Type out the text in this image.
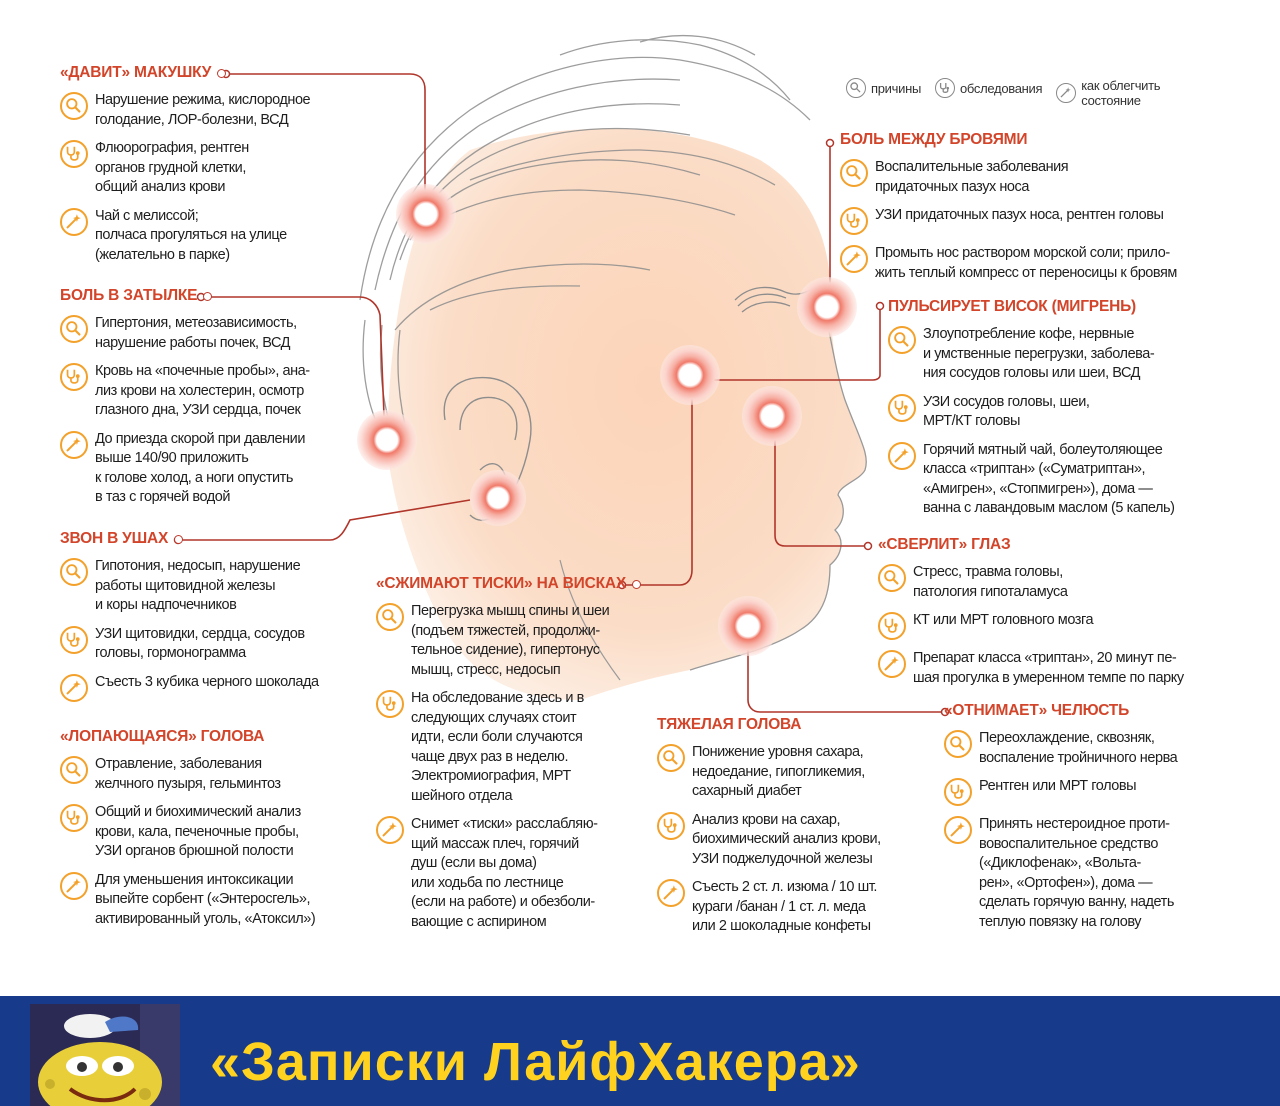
причины	обследования	как облегчить
состояние
«ДАВИТ» МАКУШКУ
Нарушение режима, кислородное
голодание, ЛОР-болезни, ВСД
Флюорография, рентген
органов грудной клетки,
общий анализ крови
Чай с мелиссой;
полчаса прогуляться на улице
(желательно в парке)
БОЛЬ В ЗАТЫЛКЕ
Гипертония, метеозависимость,
нарушение работы почек, ВСД
Кровь на «почечные пробы», ана-
лиз крови на холестерин, осмотр
глазного дна, УЗИ сердца, почек
До приезда скорой при давлении
выше 140/90 приложить
к голове холод, а ноги опустить
в таз с горячей водой
ЗВОН В УШАХ
Гипотония, недосып, нарушение
работы щитовидной железы
и коры надпочечников
УЗИ щитовидки, сердца, сосудов
головы, гормонограмма
Съесть 3 кубика черного шоколада
«ЛОПАЮЩАЯСЯ» ГОЛОВА
Отравление, заболевания
желчного пузыря, гельминтоз
Общий и биохимический анализ
крови, кала, печеночные пробы,
УЗИ органов брюшной полости
Для уменьшения интоксикации
выпейте сорбент («Энтеросгель»,
активированный уголь, «Атоксил»)
«СЖИМАЮТ ТИСКИ» НА ВИСКАХ
Перегрузка мышц спины и шеи
(подъем тяжестей, продолжи-
тельное сидение), гипертонус
мышц, стресс, недосып
На обследование здесь и в
следующих случаях стоит
идти, если боли случаются
чаще двух раз в неделю.
Электромиография, МРТ
шейного отдела
Снимет «тиски» расслабляю-
щий массаж плеч, горячий
душ (если вы дома)
или ходьба по лестнице
(если на работе) и обезболи-
вающие с аспирином
ТЯЖЕЛАЯ ГОЛОВА
Понижение уровня сахара,
недоедание, гипогликемия,
сахарный диабет
Анализ крови на сахар,
биохимический анализ крови,
УЗИ поджелудочной железы
Съесть 2 ст. л. изюма / 10 шт.
кураги /банан / 1 ст. л. меда
или 2 шоколадные конфеты
БОЛЬ МЕЖДУ БРОВЯМИ
Воспалительные заболевания
придаточных пазух носа
УЗИ придаточных пазух носа, рентген головы
Промыть нос раствором морской соли; прило-
жить теплый компресс от переносицы к бровям
ПУЛЬСИРУЕТ ВИСОК (МИГРЕНЬ)
Злоупотребление кофе, нервные
и умственные перегрузки, заболева-
ния сосудов головы или шеи, ВСД
УЗИ сосудов головы, шеи,
МРТ/КТ головы
Горячий мятный чай, болеутоляющее
класса «триптан» («Суматриптан»,
«Амигрен», «Стопмигрен»), дома —
ванна с лавандовым маслом (5 капель)
«СВЕРЛИТ» ГЛАЗ
Стресс, травма головы,
патология гипоталамуса
КТ или МРТ головного мозга
Препарат класса «триптан», 20 минут пе-
шая прогулка в умеренном темпе по парку
«ОТНИМАЕТ» ЧЕЛЮСТЬ
Переохлаждение, сквозняк,
воспаление тройничного нерва
Рентген или МРТ головы
Принять нестероидное проти-
вовоспалительное средство
(«Диклофенак», «Вольта-
рен», «Ортофен»), дома —
сделать горячую ванну, надеть
теплую повязку на голову
«Записки ЛайфХакера»
